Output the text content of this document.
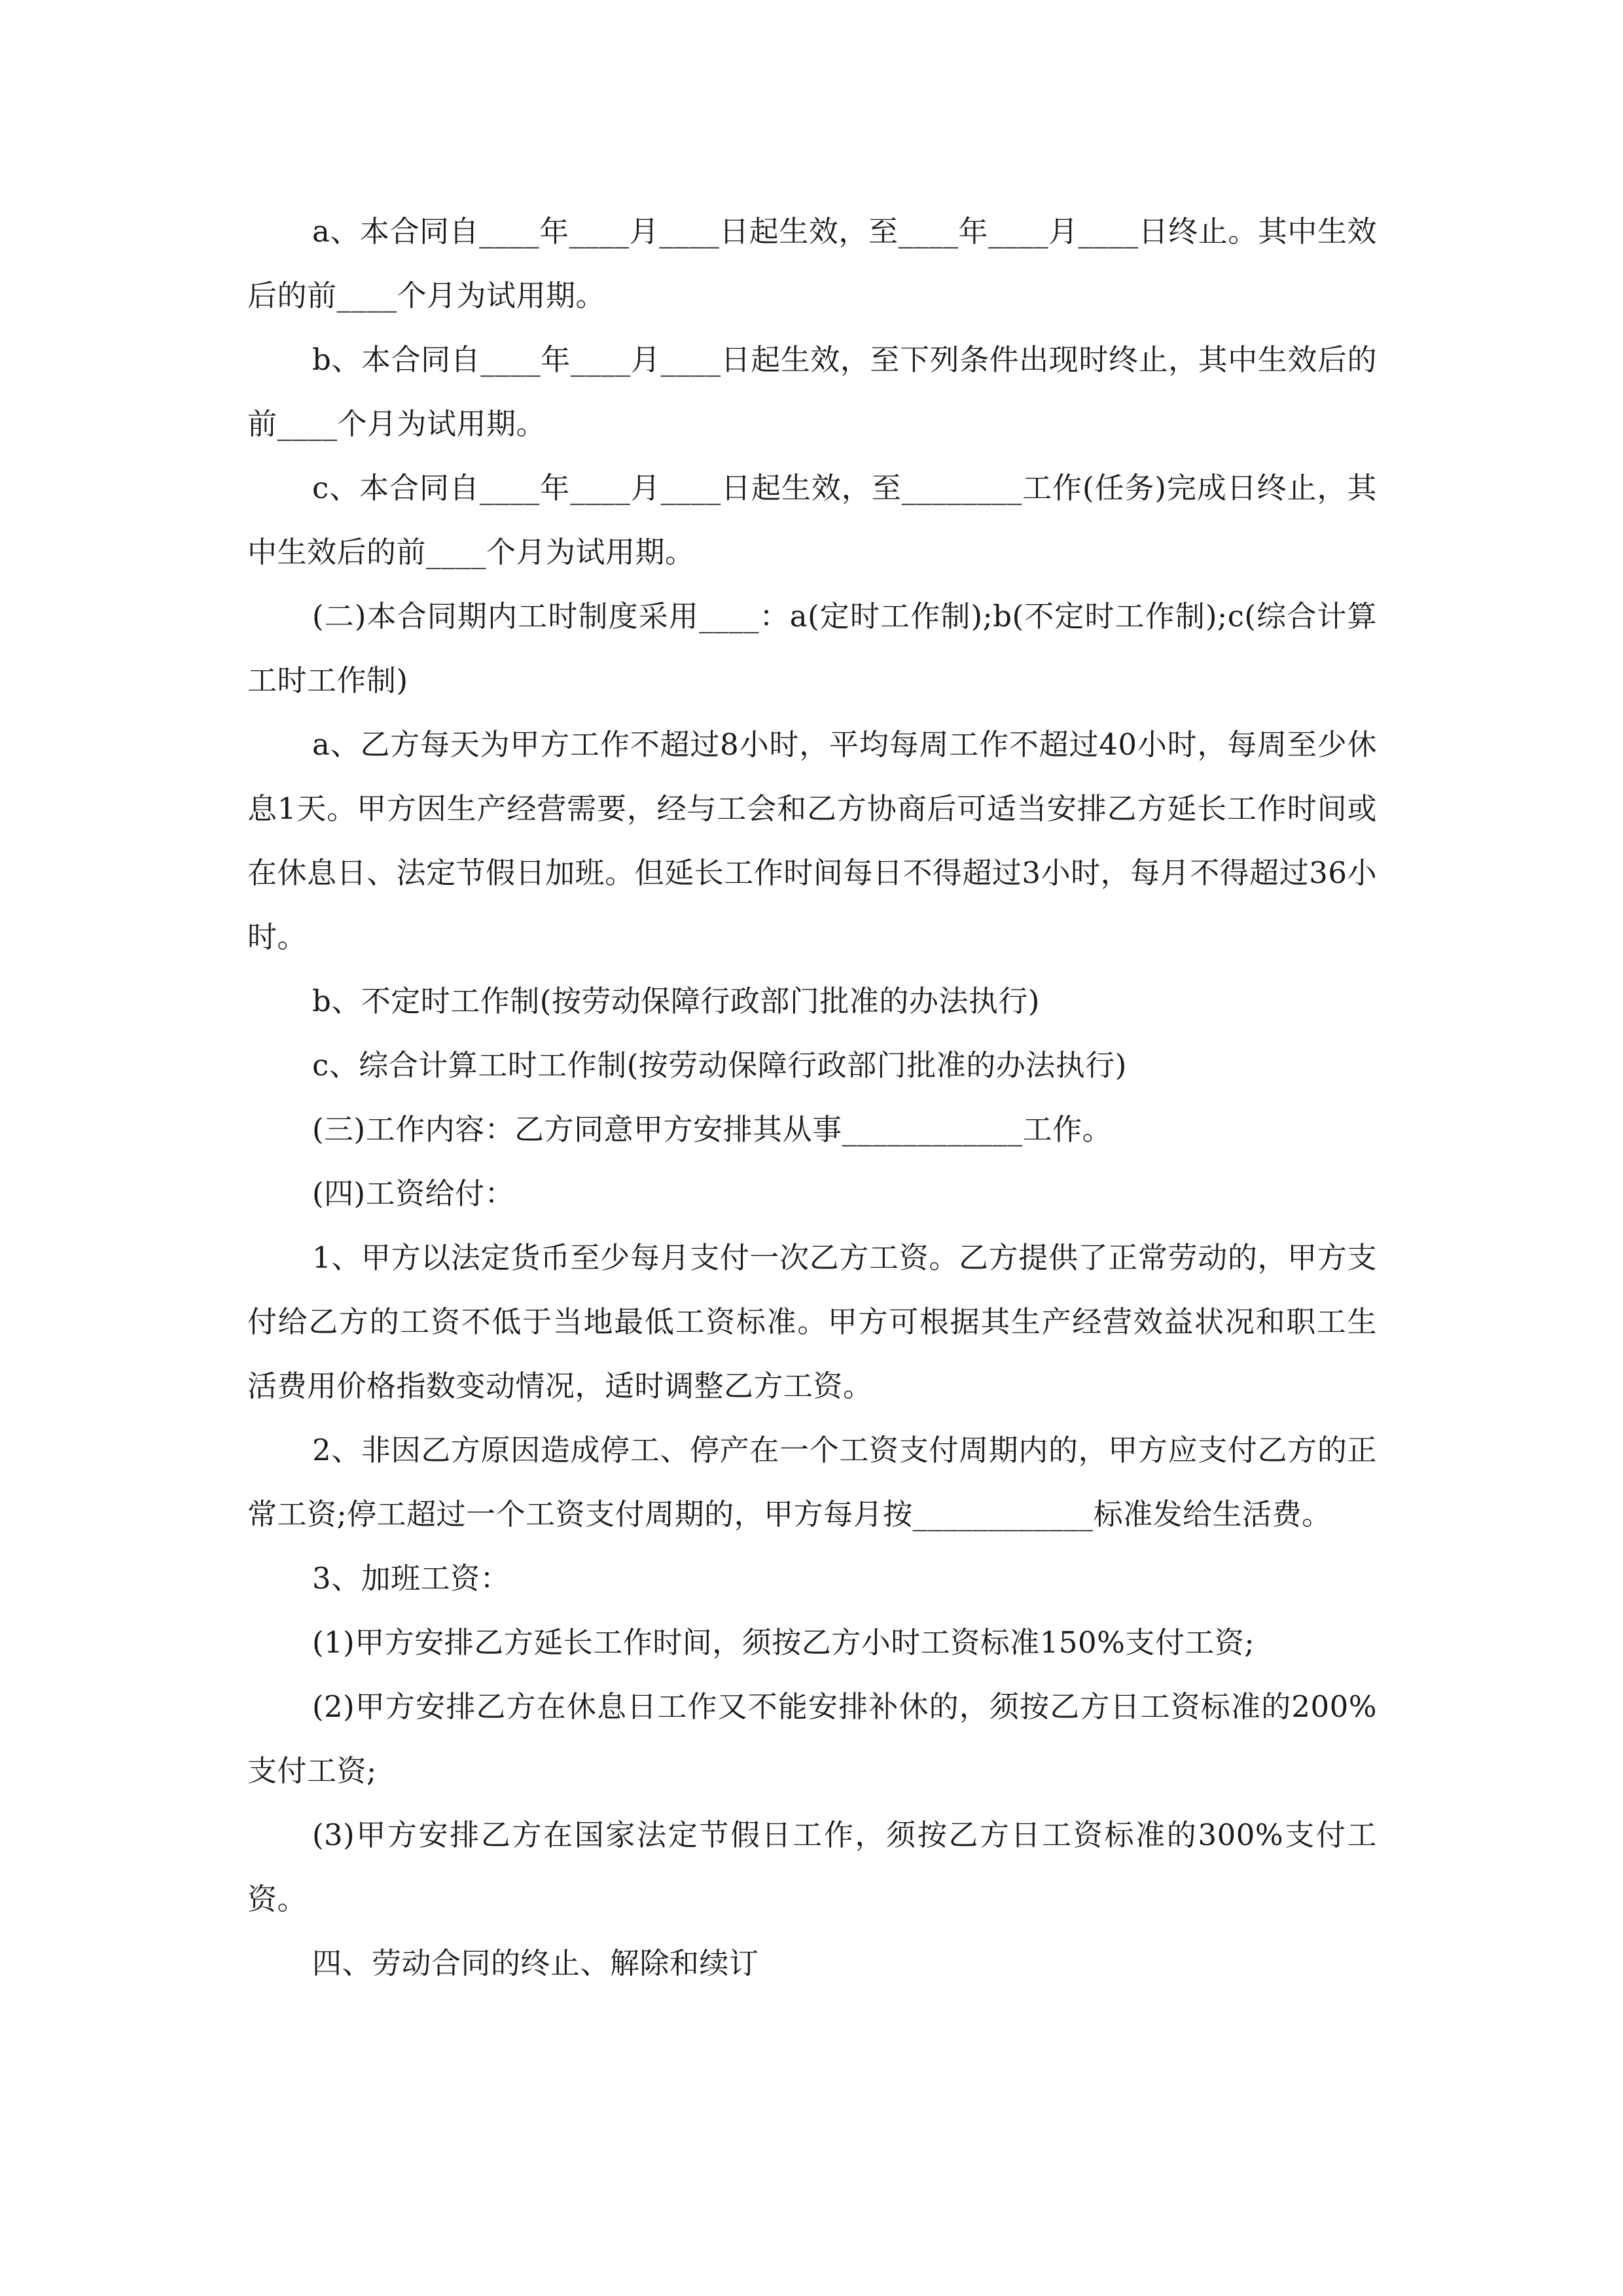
a、本合同自____年____月____日起生效，至____年____月____日终止。其中生效后的前____个月为试用期。

b、本合同自____年____月____日起生效，至下列条件出现时终止，其中生效后的前____个月为试用期。

c、本合同自____年____月____日起生效，至________工作(任务)完成日终止，其中生效后的前____个月为试用期。

(二)本合同期内工时制度采用____：a(定时工作制);b(不定时工作制);c(综合计算工时工作制)

a、乙方每天为甲方工作不超过8小时，平均每周工作不超过40小时，每周至少休息1天。甲方因生产经营需要，经与工会和乙方协商后可适当安排乙方延长工作时间或在休息日、法定节假日加班。但延长工作时间每日不得超过3小时，每月不得超过36小时。

b、不定时工作制(按劳动保障行政部门批准的办法执行)

c、综合计算工时工作制(按劳动保障行政部门批准的办法执行)

(三)工作内容：乙方同意甲方安排其从事____________工作。

(四)工资给付：

1、甲方以法定货币至少每月支付一次乙方工资。乙方提供了正常劳动的，甲方支付给乙方的工资不低于当地最低工资标准。甲方可根据其生产经营效益状况和职工生活费用价格指数变动情况，适时调整乙方工资。

2、非因乙方原因造成停工、停产在一个工资支付周期内的，甲方应支付乙方的正常工资;停工超过一个工资支付周期的，甲方每月按____________标准发给生活费。

3、加班工资：

(1)甲方安排乙方延长工作时间，须按乙方小时工资标准150%支付工资;

(2)甲方安排乙方在休息日工作又不能安排补休的，须按乙方日工资标准的200%支付工资;

(3)甲方安排乙方在国家法定节假日工作，须按乙方日工资标准的300%支付工资。

四、劳动合同的终止、解除和续订
